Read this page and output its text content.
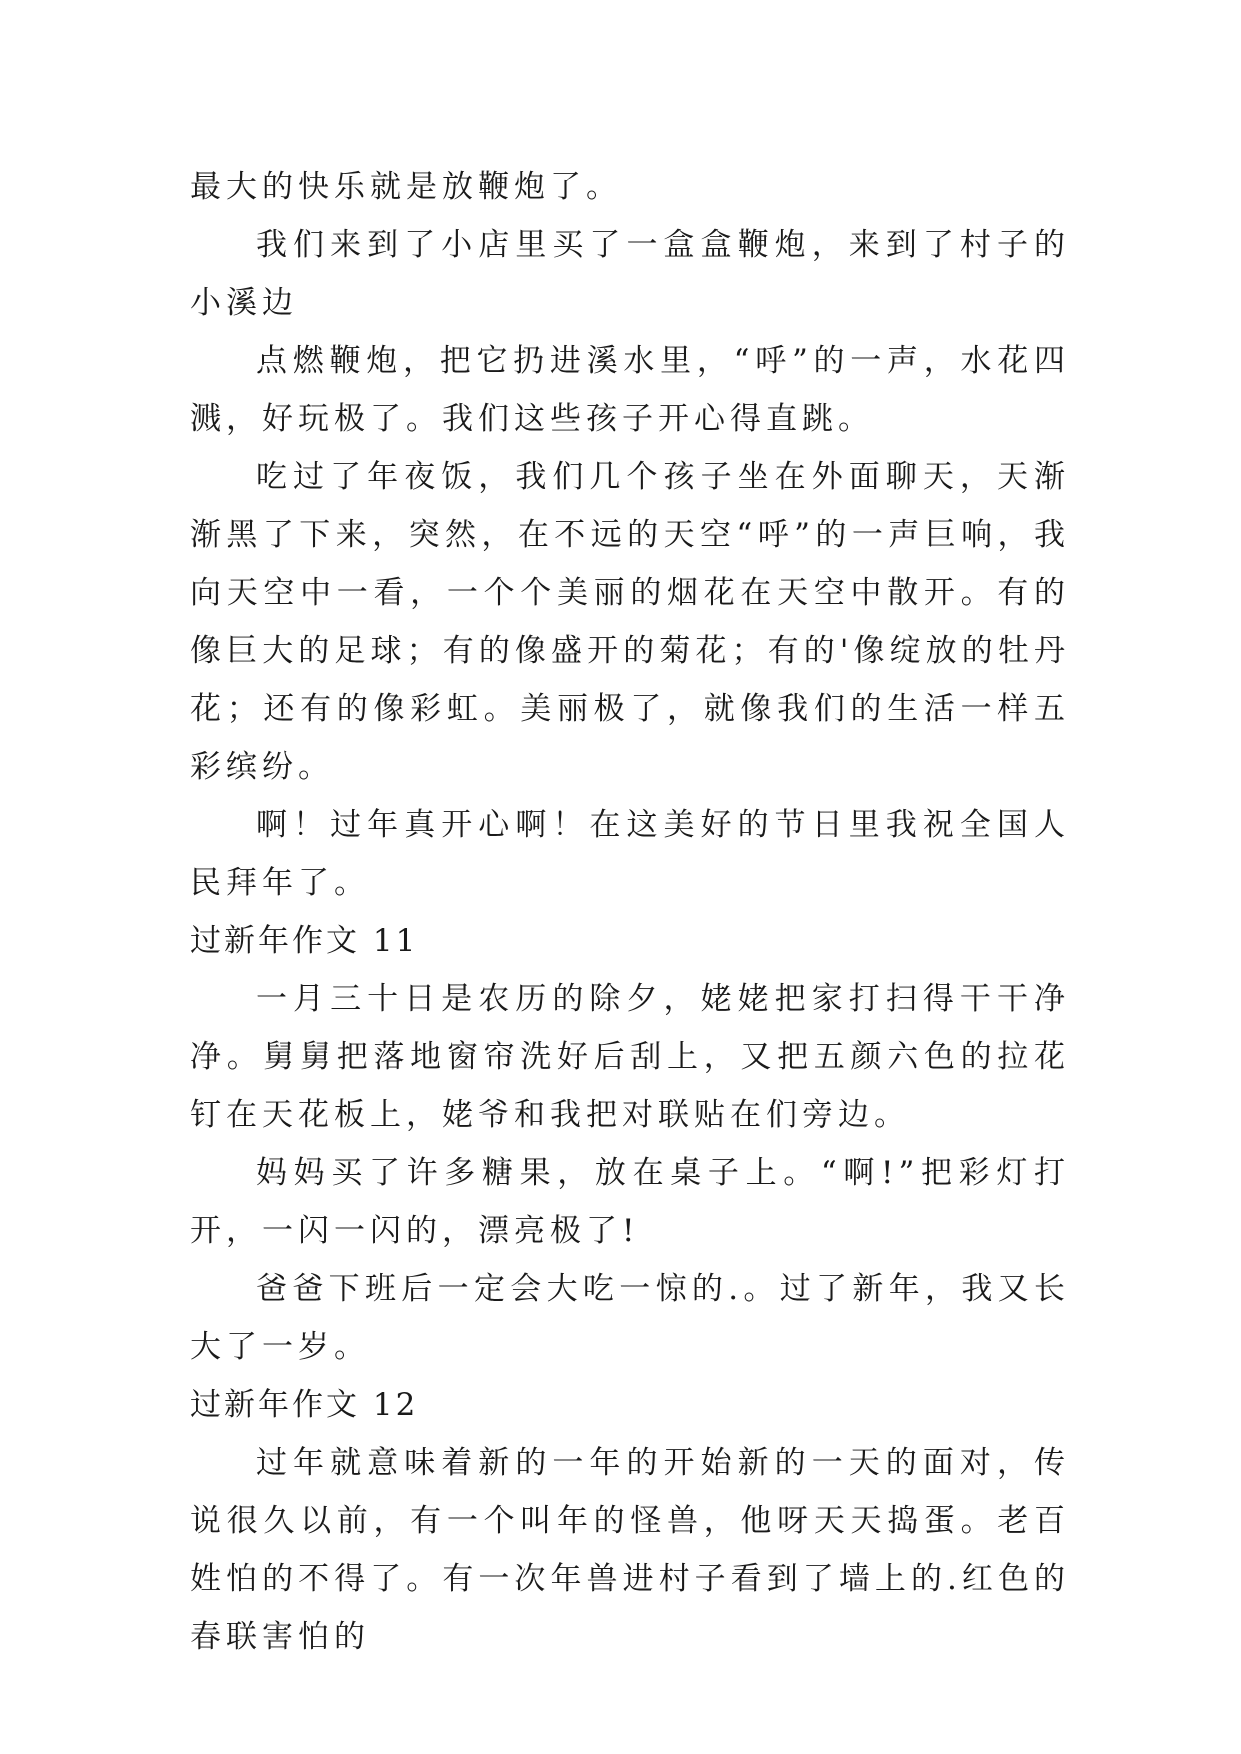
最大的快乐就是放鞭炮了。

我们来到了小店里买了一盒盒鞭炮，来到了村子的小溪边

点燃鞭炮，把它扔进溪水里，“呼”的一声，水花四溅，好玩极了。我们这些孩子开心得直跳。

吃过了年夜饭，我们几个孩子坐在外面聊天，天渐渐黑了下来，突然，在不远的天空“呼”的一声巨响，我向天空中一看，一个个美丽的烟花在天空中散开。有的像巨大的足球；有的像盛开的菊花；有的'像绽放的牡丹花；还有的像彩虹。美丽极了，就像我们的生活一样五彩缤纷。

啊！过年真开心啊！在这美好的节日里我祝全国人民拜年了。

过新年作文 11

一月三十日是农历的除夕，姥姥把家打扫得干干净净。舅舅把落地窗帘洗好后刮上，又把五颜六色的拉花钉在天花板上，姥爷和我把对联贴在们旁边。

妈妈买了许多糖果，放在桌子上。“啊!”把彩灯打开，一闪一闪的，漂亮极了!

爸爸下班后一定会大吃一惊的.。过了新年，我又长大了一岁。

过新年作文 12

过年就意味着新的一年的开始新的一天的面对，传说很久以前，有一个叫年的怪兽，他呀天天捣蛋。老百姓怕的不得了。有一次年兽进村子看到了墙上的.红色的春联害怕的
